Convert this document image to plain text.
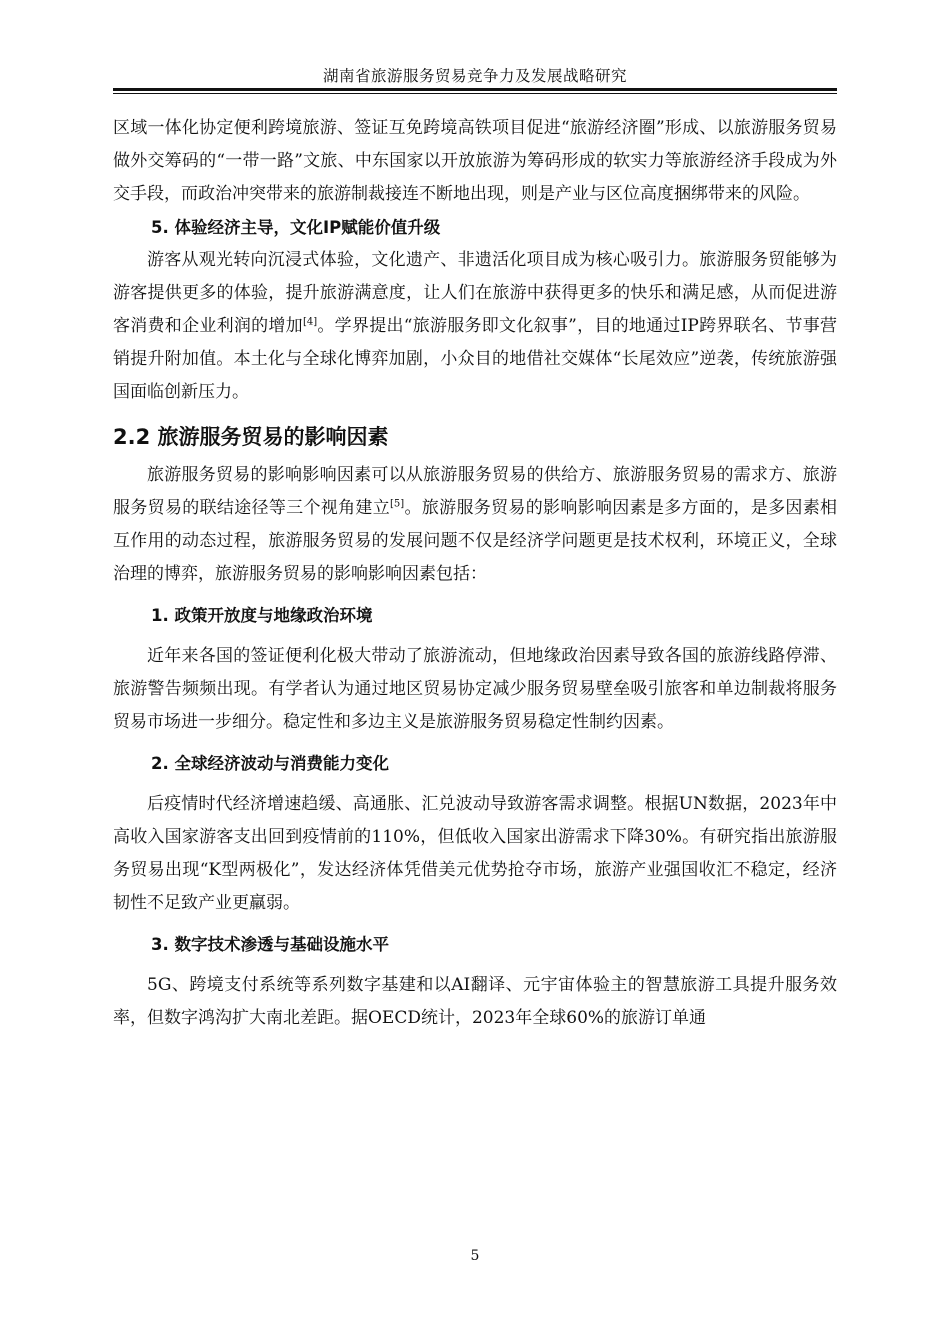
湖南省旅游服务贸易竞争力及发展战略研究

区域一体化协定便利跨境旅游、签证互免跨境高铁项目促进“旅游经济圈”形成、以旅游服务贸易做外交筹码的“一带一路”文旅、中东国家以开放旅游为筹码形成的软实力等旅游经济手段成为外交手段，而政治冲突带来的旅游制裁接连不断地出现，则是产业与区位高度捆绑带来的风险。

5. 体验经济主导，文化IP赋能价值升级

游客从观光转向沉浸式体验，文化遗产、非遗活化项目成为核心吸引力。旅游服务贸能够为游客提供更多的体验，提升旅游满意度，让人们在旅游中获得更多的快乐和满足感，从而促进游客消费和企业利润的增加[4]。学界提出“旅游服务即文化叙事”，目的地通过IP跨界联名、节事营销提升附加值。本土化与全球化博弈加剧，小众目的地借社交媒体“长尾效应”逆袭，传统旅游强国面临创新压力。

2.2 旅游服务贸易的影响因素

旅游服务贸易的影响影响因素可以从旅游服务贸易的供给方、旅游服务贸易的需求方、旅游服务贸易的联结途径等三个视角建立[5]。旅游服务贸易的影响影响因素是多方面的，是多因素相互作用的动态过程，旅游服务贸易的发展问题不仅是经济学问题更是技术权利，环境正义，全球治理的博弈，旅游服务贸易的影响影响因素包括：

1. 政策开放度与地缘政治环境

近年来各国的签证便利化极大带动了旅游流动，但地缘政治因素导致各国的旅游线路停滞、旅游警告频频出现。有学者认为通过地区贸易协定减少服务贸易壁垒吸引旅客和单边制裁将服务贸易市场进一步细分。稳定性和多边主义是旅游服务贸易稳定性制约因素。

2. 全球经济波动与消费能力变化

后疫情时代经济增速趋缓、高通胀、汇兑波动导致游客需求调整。根据UN数据，2023年中高收入国家游客支出回到疫情前的110%，但低收入国家出游需求下降30%。有研究指出旅游服务贸易出现“K型两极化”，发达经济体凭借美元优势抢夺市场，旅游产业强国收汇不稳定，经济韧性不足致产业更羸弱。

3. 数字技术渗透与基础设施水平

5G、跨境支付系统等系列数字基建和以AI翻译、元宇宙体验主的智慧旅游工具提升服务效率，但数字鸿沟扩大南北差距。据OECD统计，2023年全球60%的旅游订单通

5
